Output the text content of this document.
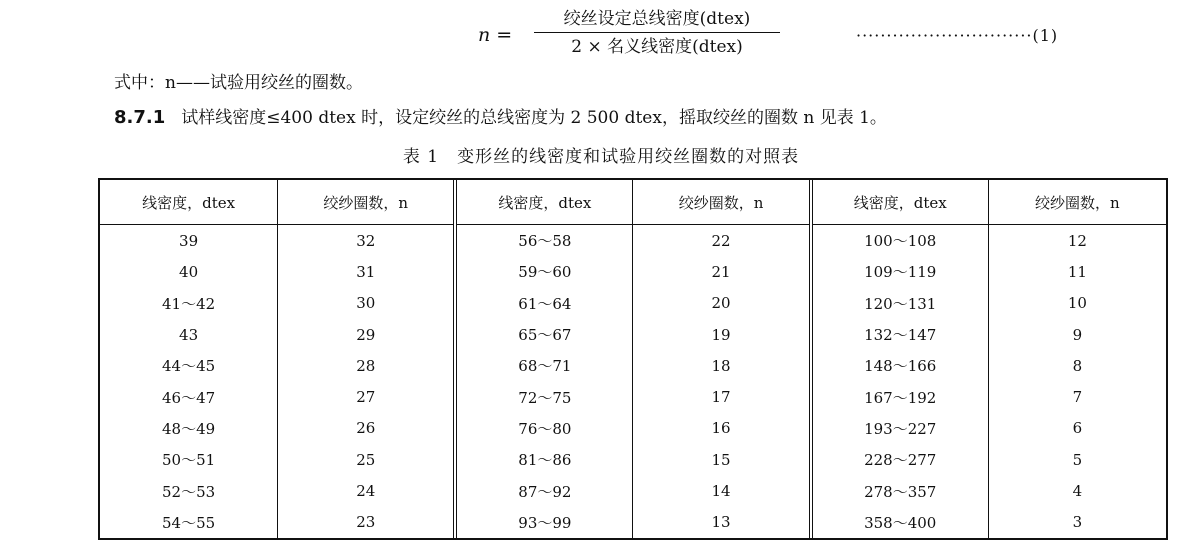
n =
绞丝设定总线密度(dtex)
2 × 名义线密度(dtex)
·····························(1)
式中：n——试验用绞丝的圈数。
8.7.1 试样线密度≤400 dtex 时，设定绞丝的总线密度为 2 500 dtex，摇取绞丝的圈数 n 见表 1。
表 1　变形丝的线密度和试验用绞丝圈数的对照表
线密度，dtex	绞纱圈数，n	线密度，dtex	绞纱圈数，n	线密度，dtex	绞纱圈数，n
39	32	56～58	22	100～108	12
40	31	59～60	21	109～119	11
41～42	30	61～64	20	120～131	10
43	29	65～67	19	132～147	9
44～45	28	68～71	18	148～166	8
46～47	27	72～75	17	167～192	7
48～49	26	76～80	16	193～227	6
50～51	25	81～86	15	228～277	5
52～53	24	87～92	14	278～357	4
54～55	23	93～99	13	358～400	3
